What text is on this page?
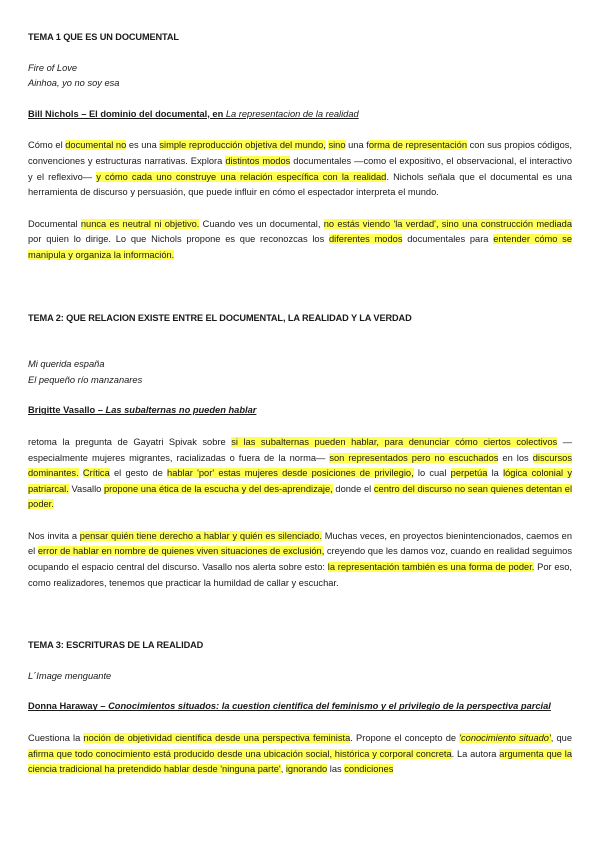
TEMA 1 QUE ES UN DOCUMENTAL
Fire of Love
Ainhoa, yo no soy esa
Bill Nichols – El dominio del documental, en La representacion de la realidad
Cómo el documental no es una simple reproducción objetiva del mundo, sino una forma de representación con sus propios códigos, convenciones y estructuras narrativas. Explora distintos modos documentales —como el expositivo, el observacional, el interactivo y el reflexivo— y cómo cada uno construye una relación específica con la realidad. Nichols señala que el documental es una herramienta de discurso y persuasión, que puede influir en cómo el espectador interpreta el mundo.
Documental nunca es neutral ni objetivo. Cuando ves un documental, no estás viendo 'la verdad', sino una construcción mediada por quien lo dirige. Lo que Nichols propone es que reconozcas los diferentes modos documentales para entender cómo se manipula y organiza la información.
TEMA 2: QUE RELACION EXISTE ENTRE EL DOCUMENTAL, LA REALIDAD Y LA VERDAD
Mi querida españa
El pequeño río manzanares
Brigitte Vasallo – Las subalternas no pueden hablar
retoma la pregunta de Gayatri Spivak sobre si las subalternas pueden hablar, para denunciar cómo ciertos colectivos —especialmente mujeres migrantes, racializadas o fuera de la norma— son representados pero no escuchados en los discursos dominantes. Crítica el gesto de hablar 'por' estas mujeres desde posiciones de privilegio, lo cual perpetúa la lógica colonial y patriarcal. Vasallo propone una ética de la escucha y del des-aprendizaje, donde el centro del discurso no sean quienes detentan el poder.
Nos invita a pensar quién tiene derecho a hablar y quién es silenciado. Muchas veces, en proyectos bienintencionados, caemos en el error de hablar en nombre de quienes viven situaciones de exclusión, creyendo que les damos voz, cuando en realidad seguimos ocupando el espacio central del discurso. Vasallo nos alerta sobre esto: la representación también es una forma de poder. Por eso, como realizadores, tenemos que practicar la humildad de callar y escuchar.
TEMA 3: ESCRITURAS DE LA REALIDAD
L´Image menguante
Donna Haraway – Conocimientos situados: la cuestion cientifica del feminismo y el privilegio de la perspectiva parcial
Cuestiona la noción de objetividad científica desde una perspectiva feminista. Propone el concepto de 'conocimiento situado', que afirma que todo conocimiento está producido desde una ubicación social, histórica y corporal concreta. La autora argumenta que la ciencia tradicional ha pretendido hablar desde 'ninguna parte', ignorando las condiciones
